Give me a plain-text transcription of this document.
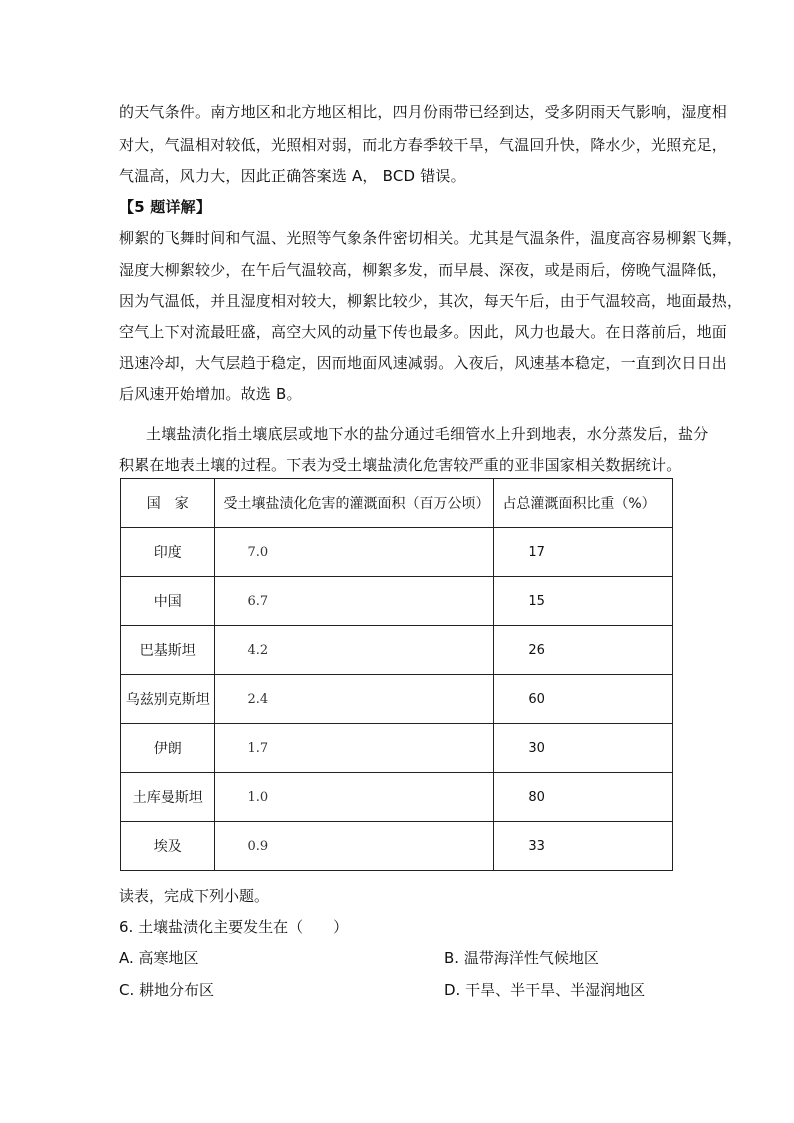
的天气条件。南方地区和北方地区相比，四月份雨带已经到达，受多阴雨天气影响，湿度相
对大，气温相对较低，光照相对弱，而北方春季较干旱，气温回升快，降水少，光照充足，
气温高，风力大，因此正确答案选 A， BCD 错误。
【5 题详解】
柳絮的飞舞时间和气温、光照等气象条件密切相关。尤其是气温条件，温度高容易柳絮飞舞，
湿度大柳絮较少，在午后气温较高，柳絮多发，而早晨、深夜，或是雨后，傍晚气温降低，
因为气温低，并且湿度相对较大，柳絮比较少，其次，每天午后，由于气温较高，地面最热，
空气上下对流最旺盛，高空大风的动量下传也最多。因此，风力也最大。在日落前后，地面
迅速冷却，大气层趋于稳定，因而地面风速减弱。入夜后，风速基本稳定，一直到次日日出
后风速开始增加。故选 B。
土壤盐渍化指土壤底层或地下水的盐分通过毛细管水上升到地表，水分蒸发后，盐分
积累在地表土壤的过程。下表为受土壤盐渍化危害较严重的亚非国家相关数据统计。
国　家	受土壤盐渍化危害的灌溉面积（百万公顷）	占总灌溉面积比重（%）
印度	7.0	17
中国	6.7	15
巴基斯坦	4.2	26
乌兹别克斯坦	2.4	60
伊朗	1.7	30
土库曼斯坦	1.0	80
埃及	0.9	33
读表，完成下列小题。
6. 土壤盐渍化主要发生在（　　）
A. 高寒地区	B. 温带海洋性气候地区
C. 耕地分布区	D. 干旱、半干旱、半湿润地区
